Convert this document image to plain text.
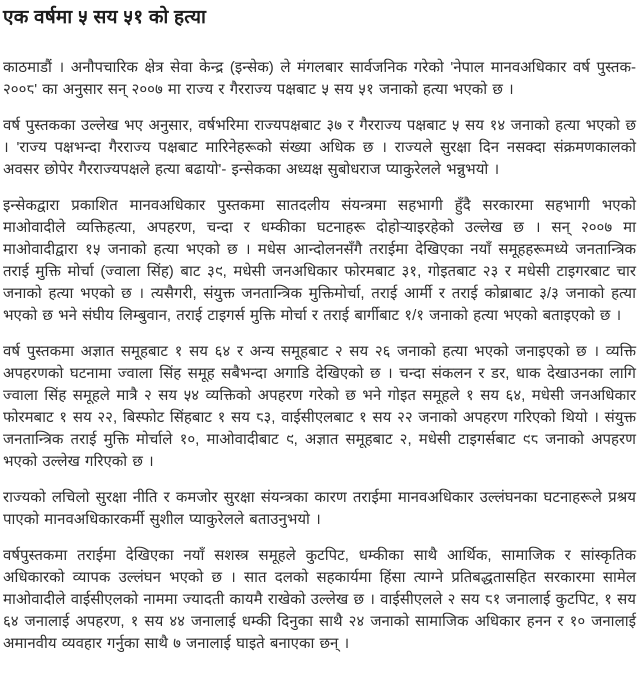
एक वर्षमा ५ सय ५१ को हत्या

काठमाडौं । अनौपचारिक क्षेत्र सेवा केन्द्र (इन्सेक) ले मंगलबार सार्वजनिक गरेको 'नेपाल मानवअधिकार वर्ष पुस्तक- २००८' का अनुसार सन् २००७ मा राज्य र गैरराज्य पक्षबाट ५ सय ५१ जनाको हत्या भएको छ ।

वर्ष पुस्तकका उल्लेख भए अनुसार, वर्षभरिमा राज्यपक्षबाट ३७ र गैरराज्य पक्षबाट ५ सय १४ जनाको हत्या भएको छ । 'राज्य पक्षभन्दा गैरराज्य पक्षबाट मारिनेहरूको संख्या अधिक छ । राज्यले सुरक्षा दिन नसक्दा संक्रमणकालको अवसर छोपेर गैरराज्यपक्षले हत्या बढायो'- इन्सेकका अध्यक्ष सुबोधराज प्याकुरेलले भन्नुभयो ।

इन्सेकद्वारा प्रकाशित मानवअधिकार पुस्तकमा सातदलीय संयन्त्रमा सहभागी हुँदै सरकारमा सहभागी भएको माओवादीले व्यक्तिहत्या, अपहरण, चन्दा र धम्कीका घटनाहरू दोहोऱ्याइरहेको उल्लेख छ । सन् २००७ मा माओवादीद्वारा १५ जनाको हत्या भएको छ । मधेस आन्दोलनसँगै तराईमा देखिएका नयाँ समूहहरूमध्ये जनतान्त्रिक तराई मुक्ति मोर्चा (ज्वाला सिंह) बाट ३९, मधेसी जनअधिकार फोरमबाट ३१, गोइतबाट २३ र मधेसी टाइगरबाट चार जनाको हत्या भएको छ । त्यसैगरी, संयुक्त जनतान्त्रिक मुक्तिमोर्चा, तराई आर्मी र तराई कोब्राबाट ३/३ जनाको हत्या भएको छ भने संघीय लिम्बुवान, तराई टाइगर्स मुक्ति मोर्चा र तराई बार्गीबाट १/१ जनाको हत्या भएको बताइएको छ ।

वर्ष पुस्तकमा अज्ञात समूहबाट १ सय ६४ र अन्य समूहबाट २ सय २६ जनाको हत्या भएको जनाइएको छ । व्यक्ति अपहरणको घटनामा ज्वाला सिंह समूह सबैभन्दा अगाडि देखिएको छ । चन्दा संकलन र डर, धाक देखाउनका लागि ज्वाला सिंह समूहले मात्रै २ सय ५४ व्यक्तिको अपहरण गरेको छ भने गोइत समूहले १ सय ६४, मधेसी जनअधिकार फोरमबाट १ सय २२, बिस्फोट सिंहबाट १ सय ८३, वाईसीएलबाट १ सय २२ जनाको अपहरण गरिएको थियो । संयुक्त जनतान्त्रिक तराई मुक्ति मोर्चाले १०, माओवादीबाट ९, अज्ञात समूहबाट २, मधेसी टाइगर्सबाट ९८ जनाको अपहरण भएको उल्लेख गरिएको छ ।

राज्यको लचिलो सुरक्षा नीति र कमजोर सुरक्षा संयन्त्रका कारण तराईमा मानवअधिकार उल्लंघनका घटनाहरूले प्रश्रय पाएको मानवअधिकारकर्मी सुशील प्याकुरेलले बताउनुभयो ।

वर्षपुस्तकमा तराईमा देखिएका नयाँ सशस्त्र समूहले कुटपिट, धम्कीका साथै आर्थिक, सामाजिक र सांस्कृतिक अधिकारको व्यापक उल्लंघन भएको छ । सात दलको सहकार्यमा हिंसा त्याग्ने प्रतिबद्धतासहित सरकारमा सामेल माओवादीले वाईसीएलको नाममा ज्यादती कायमै राखेको उल्लेख छ । वाईसीएलले २ सय ८१ जनालाई कुटपिट, १ सय ६४ जनालाई अपहरण, १ सय ४४ जनालाई धम्की दिनुका साथै २४ जनाको सामाजिक अधिकार हनन र १० जनालाई अमानवीय व्यवहार गर्नुका साथै ७ जनालाई घाइते बनाएका छन् ।
